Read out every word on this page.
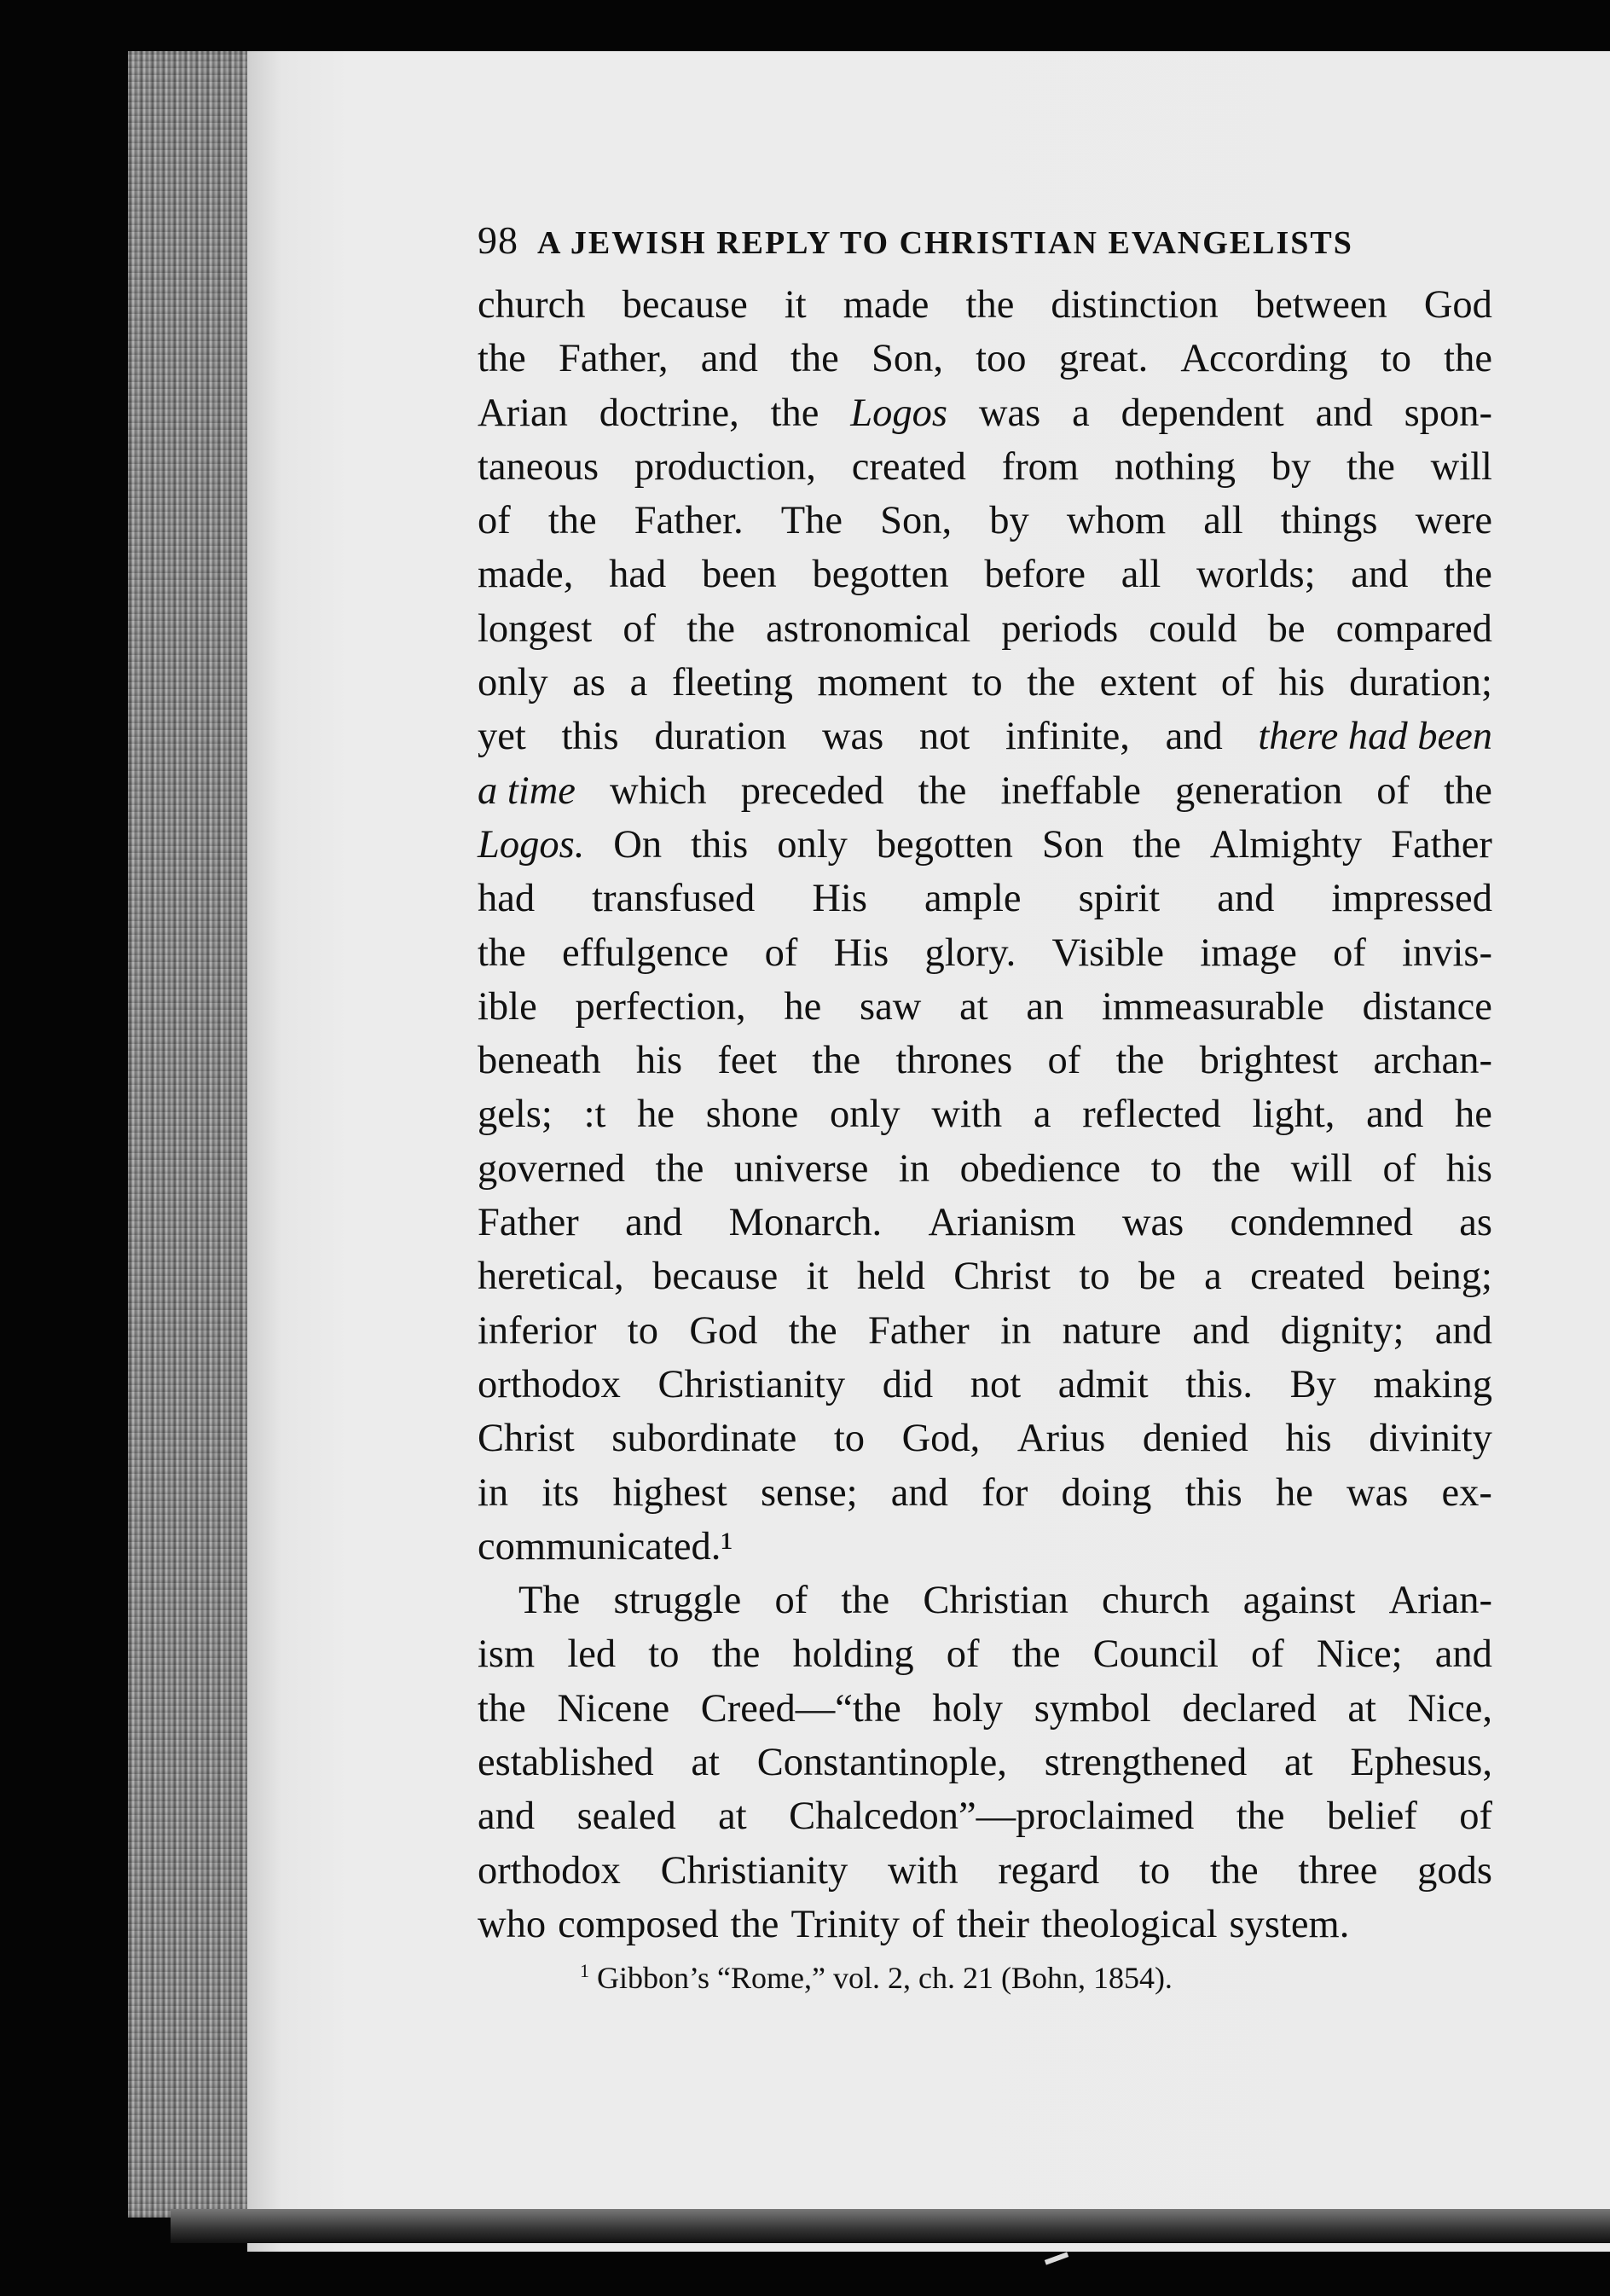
98 A JEWISH REPLY TO CHRISTIAN EVANGELISTS
church because it made the distinction between God
the Father, and the Son, too great. According to the
Arian doctrine, the Logos was a dependent and spon-
taneous production, created from nothing by the will
of the Father. The Son, by whom all things were
made, had been begotten before all worlds; and the
longest of the astronomical periods could be compared
only as a fleeting moment to the extent of his duration;
yet this duration was not infinite, and there had been
a time which preceded the ineffable generation of the
Logos. On this only begotten Son the Almighty Father
had transfused His ample spirit and impressed
the effulgence of His glory. Visible image of invis-
ible perfection, he saw at an immeasurable distance
beneath his feet the thrones of the brightest archan-
gels; :t he shone only with a reflected light, and he
governed the universe in obedience to the will of his
Father and Monarch. Arianism was condemned as
heretical, because it held Christ to be a created being;
inferior to God the Father in nature and dignity; and
orthodox Christianity did not admit this. By making
Christ subordinate to God, Arius denied his divinity
in its highest sense; and for doing this he was ex-
communicated.¹
The struggle of the Christian church against Arian-
ism led to the holding of the Council of Nice; and
the Nicene Creed—“the holy symbol declared at Nice,
established at Constantinople, strengthened at Ephesus,
and sealed at Chalcedon”—proclaimed the belief of
orthodox Christianity with regard to the three gods
who composed the Trinity of their theological system.
$^1$ Gibbon’s “Rome,” vol. 2, ch. 21 (Bohn, 1854).
